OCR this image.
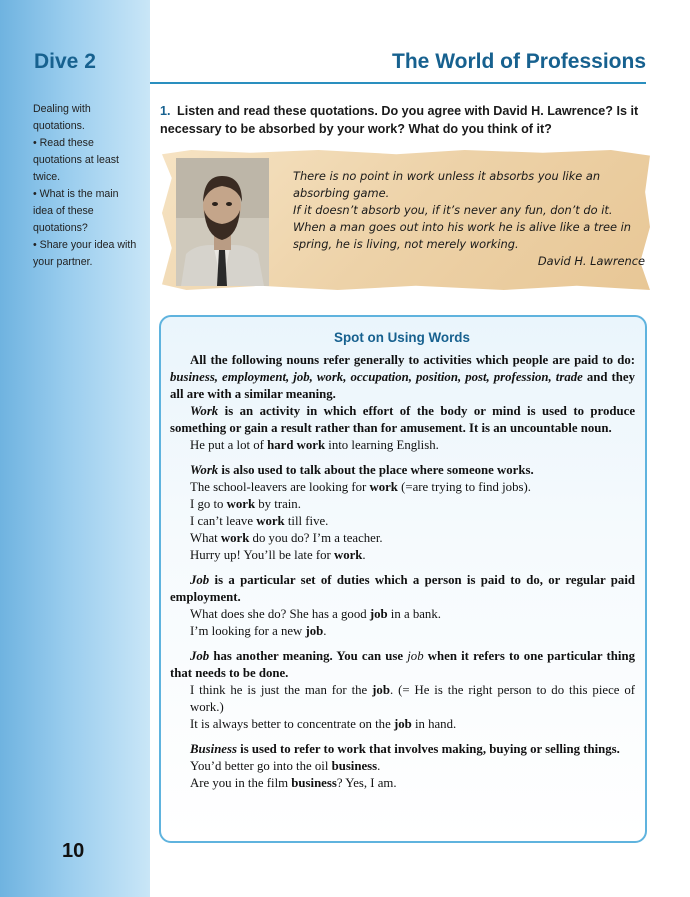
Dive 2	The World of Professions
Dealing with quotations.
• Read these quotations at least twice.
• What is the main idea of these quotations?
• Share your idea with your partner.
1. Listen and read these quotations. Do you agree with David H. Lawrence? Is it necessary to be absorbed by your work? What do you think of it?
There is no point in work unless it absorbs you like an absorbing game.
If it doesn’t absorb you, if it’s never any fun, don’t do it. When a man goes out into his work he is alive like a tree in spring, he is living, not merely working.
David H. Lawrence
Spot on Using Words
All the following nouns refer generally to activities which people are paid to do: business, employment, job, work, occupation, position, post, profession, trade and they all are with a similar meaning.
Work is an activity in which effort of the body or mind is used to produce something or gain a result rather than for amusement. It is an uncountable noun.
He put a lot of hard work into learning English.
Work is also used to talk about the place where someone works.
The school-leavers are looking for work (=are trying to find jobs).
I go to work by train.
I can’t leave work till five.
What work do you do? I’m a teacher.
Hurry up! You’ll be late for work.
Job is a particular set of duties which a person is paid to do, or regular paid employment.
What does she do? She has a good job in a bank.
I’m looking for a new job.
Job has another meaning. You can use job when it refers to one particular thing that needs to be done.
I think he is just the man for the job. (= He is the right person to do this piece of work.)
It is always better to concentrate on the job in hand.
Business is used to refer to work that involves making, buying or selling things.
You’d better go into the oil business.
Are you in the film business? Yes, I am.
10
